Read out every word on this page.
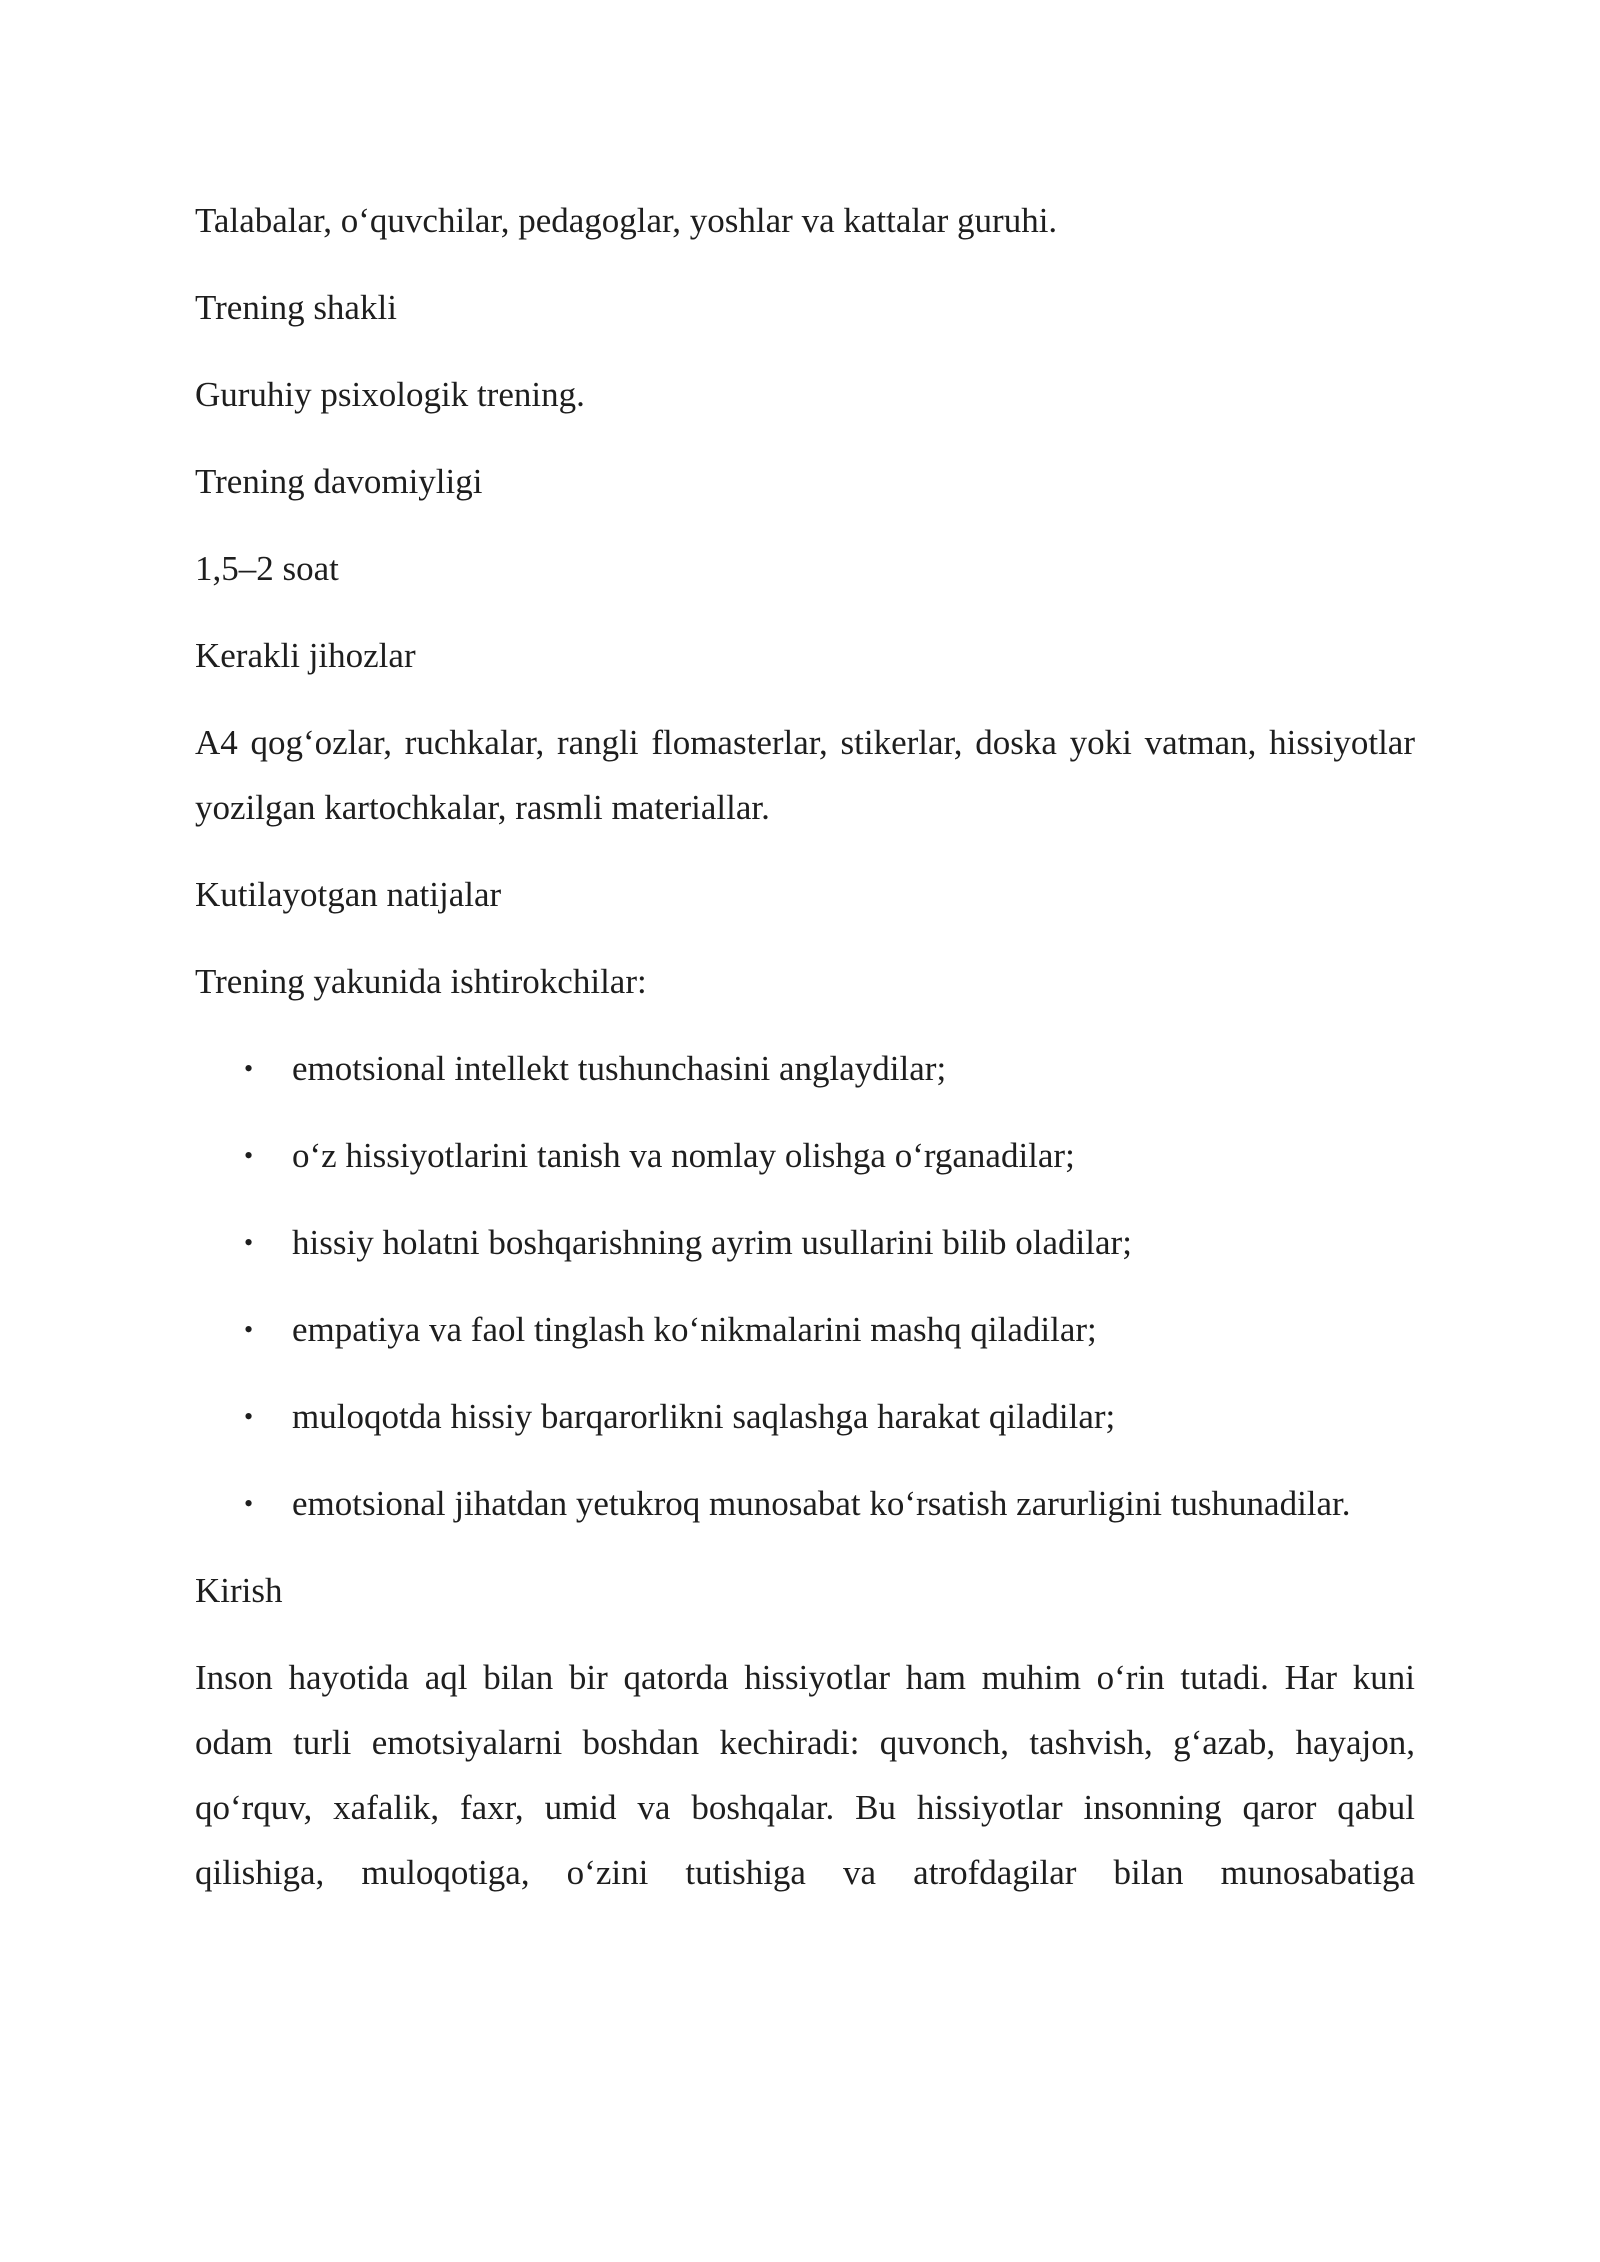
Talabalar, o‘quvchilar, pedagoglar, yoshlar va kattalar guruhi.

Trening shakli

Guruhiy psixologik trening.

Trening davomiyligi

1,5–2 soat

Kerakli jihozlar

A4 qog‘ozlar, ruchkalar, rangli flomasterlar, stikerlar, doska yoki vatman, hissiyotlar yozilgan kartochkalar, rasmli materiallar.

Kutilayotgan natijalar

Trening yakunida ishtirokchilar:

• emotsional intellekt tushunchasini anglaydilar;
• o‘z hissiyotlarini tanish va nomlay olishga o‘rganadilar;
• hissiy holatni boshqarishning ayrim usullarini bilib oladilar;
• empatiya va faol tinglash ko‘nikmalarini mashq qiladilar;
• muloqotda hissiy barqarorlikni saqlashga harakat qiladilar;
• emotsional jihatdan yetukroq munosabat ko‘rsatish zarurligini tushunadilar.

Kirish

Inson hayotida aql bilan bir qatorda hissiyotlar ham muhim o‘rin tutadi. Har kuni odam turli emotsiyalarni boshdan kechiradi: quvonch, tashvish, g‘azab, hayajon, qo‘rquv, xafalik, faxr, umid va boshqalar. Bu hissiyotlar insonning qaror qabul qilishiga, muloqotiga, o‘zini tutishiga va atrofdagilar bilan munosabatiga
